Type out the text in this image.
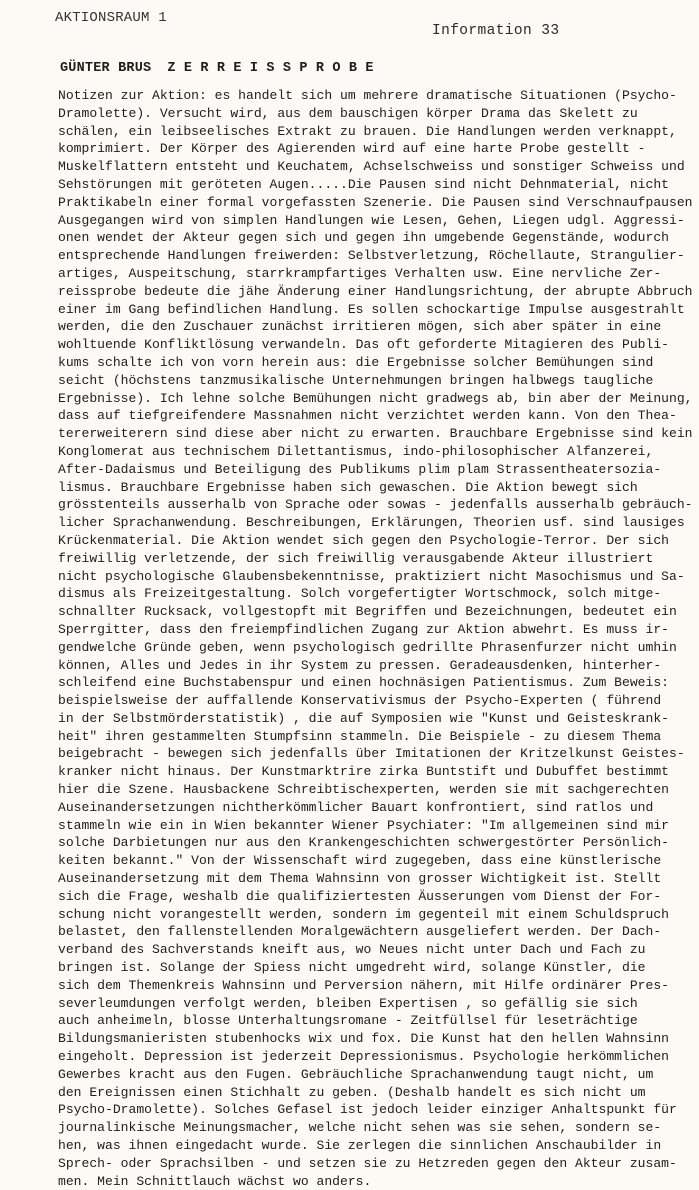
AKTIONSRAUM 1
Information 33
GÜNTER BRUS ZERREISSPROBE
Notizen zur Aktion: es handelt sich um mehrere dramatische Situationen (Psycho-
Dramolette). Versucht wird, aus dem bauschigen körper Drama das Skelett zu
schälen, ein leibseelisches Extrakt zu brauen. Die Handlungen werden verknappt,
komprimiert. Der Körper des Agierenden wird auf eine harte Probe gestellt -
Muskelflattern entsteht und Keuchatem, Achselschweiss und sonstiger Schweiss und
Sehstörungen mit geröteten Augen.....Die Pausen sind nicht Dehnmaterial, nicht
Praktikabeln einer formal vorgefassten Szenerie. Die Pausen sind Verschnaufpausen
Ausgegangen wird von simplen Handlungen wie Lesen, Gehen, Liegen udgl. Aggressi-
onen wendet der Akteur gegen sich und gegen ihn umgebende Gegenstände, wodurch
entsprechende Handlungen freiwerden: Selbstverletzung, Röchellaute, Strangulier-
artiges, Auspeitschung, starrkrampfartiges Verhalten usw. Eine nervliche Zer-
reissprobe bedeute die jähe Änderung einer Handlungsrichtung, der abrupte Abbruch
einer im Gang befindlichen Handlung. Es sollen schockartige Impulse ausgestrahlt
werden, die den Zuschauer zunächst irritieren mögen, sich aber später in eine
wohltuende Konfliktlösung verwandeln. Das oft geforderte Mitagieren des Publi-
kums schalte ich von vorn herein aus: die Ergebnisse solcher Bemühungen sind
seicht (höchstens tanzmusikalische Unternehmungen bringen halbwegs taugliche
Ergebnisse). Ich lehne solche Bemühungen nicht gradwegs ab, bin aber der Meinung,
dass auf tiefgreifendere Massnahmen nicht verzichtet werden kann. Von den Thea-
tererweiterern sind diese aber nicht zu erwarten. Brauchbare Ergebnisse sind kein
Konglomerat aus technischem Dilettantismus, indo-philosophischer Alfanzerei,
After-Dadaismus und Beteiligung des Publikums plim plam Strassentheatersozia-
lismus. Brauchbare Ergebnisse haben sich gewaschen. Die Aktion bewegt sich
grösstenteils ausserhalb von Sprache oder sowas - jedenfalls ausserhalb gebräuch-
licher Sprachanwendung. Beschreibungen, Erklärungen, Theorien usf. sind lausiges
Krückenmaterial. Die Aktion wendet sich gegen den Psychologie-Terror. Der sich
freiwillig verletzende, der sich freiwillig verausgabende Akteur illustriert
nicht psychologische Glaubensbekenntnisse, praktiziert nicht Masochismus und Sa-
dismus als Freizeitgestaltung. Solch vorgefertigter Wortschmock, solch mitge-
schnallter Rucksack, vollgestopft mit Begriffen und Bezeichnungen, bedeutet ein
Sperrgitter, dass den freiempfindlichen Zugang zur Aktion abwehrt. Es muss ir-
gendwelche Gründe geben, wenn psychologisch gedrillte Phrasenfurzer nicht umhin
können, Alles und Jedes in ihr System zu pressen. Geradeausdenken, hinterher-
schleifend eine Buchstabenspur und einen hochnäsigen Patientismus. Zum Beweis:
beispielsweise der auffallende Konservativismus der Psycho-Experten ( führend
in der Selbstmörderstatistik) , die auf Symposien wie "Kunst und Geisteskrank-
heit" ihren gestammelten Stumpfsinn stammeln. Die Beispiele - zu diesem Thema
beigebracht - bewegen sich jedenfalls über Imitationen der Kritzelkunst Geistes-
kranker nicht hinaus. Der Kunstmarktrire zirka Buntstift und Dubuffet bestimmt
hier die Szene. Hausbackene Schreibtischexperten, werden sie mit sachgerechten
Auseinandersetzungen nichtherkömmlicher Bauart konfrontiert, sind ratlos und
stammeln wie ein in Wien bekannter Wiener Psychiater: "Im allgemeinen sind mir
solche Darbietungen nur aus den Krankengeschichten schwergestörter Persönlich-
keiten bekannt." Von der Wissenschaft wird zugegeben, dass eine künstlerische
Auseinandersetzung mit dem Thema Wahnsinn von grosser Wichtigkeit ist. Stellt
sich die Frage, weshalb die qualifiziertesten Äusserungen vom Dienst der For-
schung nicht vorangestellt werden, sondern im gegenteil mit einem Schuldspruch
belastet, den fallenstellenden Moralgewächtern ausgeliefert werden. Der Dach-
verband des Sachverstands kneift aus, wo Neues nicht unter Dach und Fach zu
bringen ist. Solange der Spiess nicht umgedreht wird, solange Künstler, die
sich dem Themenkreis Wahnsinn und Perversion nähern, mit Hilfe ordinärer Pres-
severleumdungen verfolgt werden, bleiben Expertisen , so gefällig sie sich
auch anheimeln, blosse Unterhaltungsromane - Zeitfüllsel für leseträchtige
Bildungsmanieristen stubenhocks wix und fox. Die Kunst hat den hellen Wahnsinn
eingeholt. Depression ist jederzeit Depressionismus. Psychologie herkömmlichen
Gewerbes kracht aus den Fugen. Gebräuchliche Sprachanwendung taugt nicht, um
den Ereignissen einen Stichhalt zu geben. (Deshalb handelt es sich nicht um
Psycho-Dramolette). Solches Gefasel ist jedoch leider einziger Anhaltspunkt für
journalinkische Meinungsmacher, welche nicht sehen was sie sehen, sondern se-
hen, was ihnen eingedacht wurde. Sie zerlegen die sinnlichen Anschaubilder in
Sprech- oder Sprachsilben - und setzen sie zu Hetzreden gegen den Akteur zusam-
men. Mein Schnittlauch wächst wo anders.
